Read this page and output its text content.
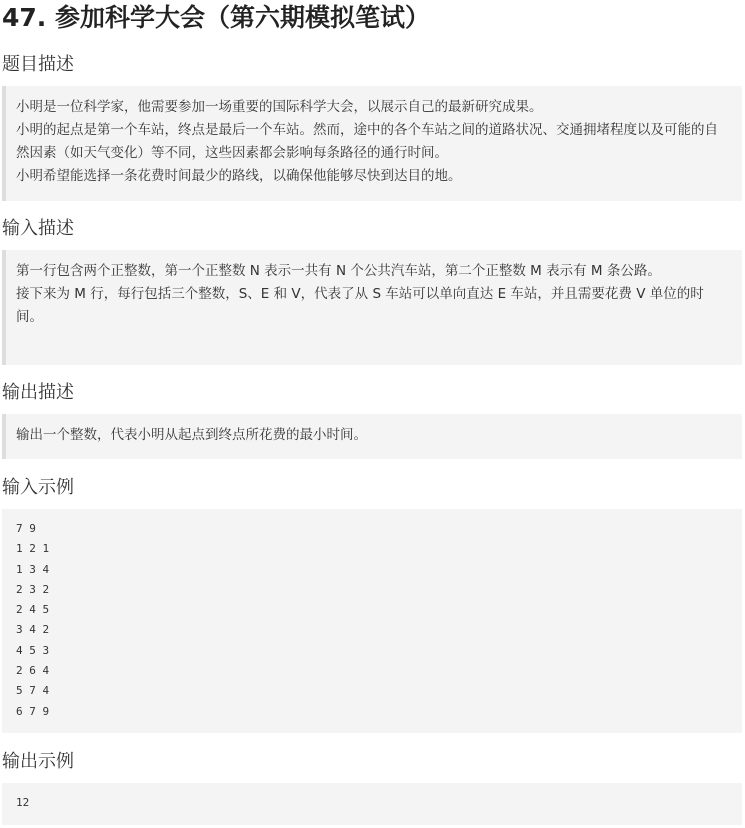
47. 参加科学大会（第六期模拟笔试）
题目描述

小明是一位科学家，他需要参加一场重要的国际科学大会，以展示自己的最新研究成果。

小明的起点是第一个车站，终点是最后一个车站。然而，途中的各个车站之间的道路状况、交通拥堵程度以及可能的自然因素（如天气变化）等不同，这些因素都会影响每条路径的通行时间。

小明希望能选择一条花费时间最少的路线，以确保他能够尽快到达目的地。

输入描述

第一行包含两个正整数，第一个正整数 N 表示一共有 N 个公共汽车站，第二个正整数 M 表示有 M 条公路。

接下来为 M 行，每行包括三个整数，S、E 和 V，代表了从 S 车站可以单向直达 E 车站，并且需要花费 V 单位的时间。

输出描述

输出一个整数，代表小明从起点到终点所花费的最小时间。

输入示例
7 9
1 2 1
1 3 4
2 3 2
2 4 5
3 4 2
4 5 3
2 6 4
5 7 4
6 7 9
输出示例
12
